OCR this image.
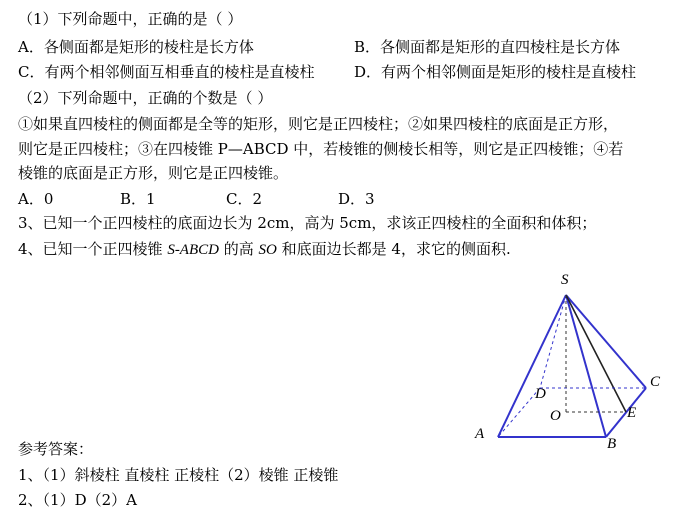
（1）下列命题中，正确的是（ ）
A．各侧面都是矩形的棱柱是长方体	B．各侧面都是矩形的直四棱柱是长方体
C．有两个相邻侧面互相垂直的棱柱是直棱柱	D．有两个相邻侧面是矩形的棱柱是直棱柱
（2）下列命题中，正确的个数是（ ）
①如果直四棱柱的侧面都是全等的矩形，则它是正四棱柱；②如果四棱柱的底面是正方形，
则它是正四棱柱；③在四棱锥 P—ABCD 中，若棱锥的侧棱长相等，则它是正四棱锥；④若
棱锥的底面是正方形，则它是正四棱锥。
A．0	B．1	C．2	D．3
3、已知一个正四棱柱的底面边长为 2cm，高为 5cm，求该正四棱柱的全面积和体积；
4、已知一个正四棱锥 S-ABCD 的高 SO 和底面边长都是 4，求它的侧面积.
S
C
D
E
O
A
B
参考答案：
1、（1）斜棱柱 直棱柱 正棱柱（2）棱锥 正棱锥
2、（1）D（2）A
